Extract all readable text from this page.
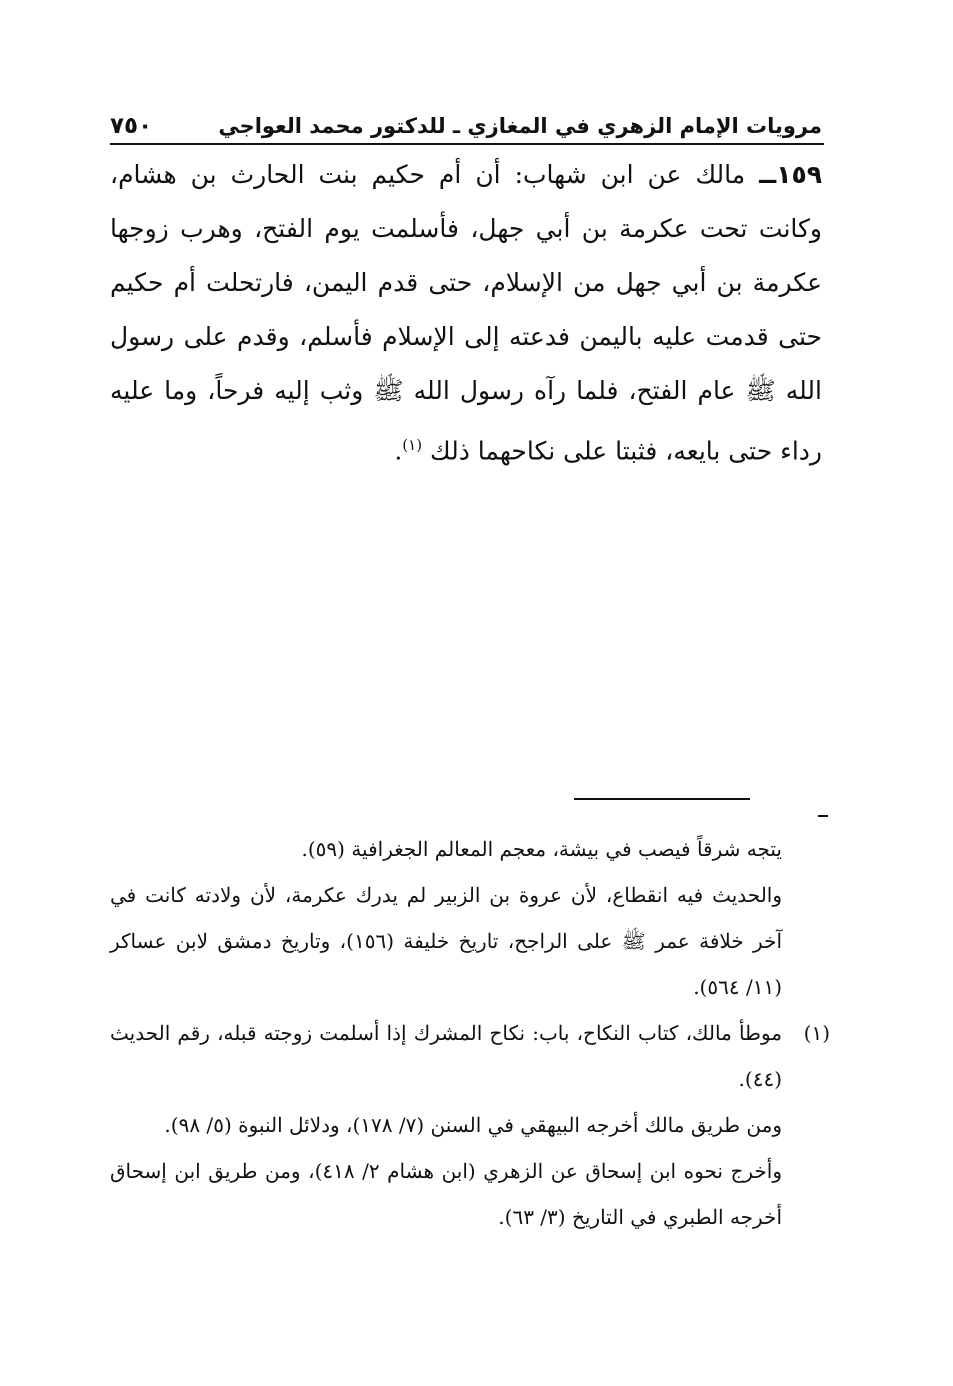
مرويات الإمام الزهري في المغازي ـ للدكتور محمد العواجي
٧٥٠
١٥٩ــ مالك عن ابن شهاب: أن أم حكيم بنت الحارث بن هشام، وكانت تحت عكرمة بن أبي جهل، فأسلمت يوم الفتح، وهرب زوجها عكرمة بن أبي جهل من الإسلام، حتى قدم اليمن، فارتحلت أم حكيم حتى قدمت عليه باليمن فدعته إلى الإسلام فأسلم، وقدم على رسول الله ﷺ عام الفتح، فلما رآه رسول الله ﷺ وثب إليه فرحاً، وما عليه رداء حتى بايعه، فثبتا على نكاحهما ذلك $^{(١)}$.

يتجه شرقاً فيصب في بيشة، معجم المعالم الجغرافية (٥٩).

والحديث فيه انقطاع، لأن عروة بن الزبير لم يدرك عكرمة، لأن ولادته كانت في آخر خلافة عمر ﷺ على الراجح، تاريخ خليفة (١٥٦)، وتاريخ دمشق لابن عساكر (١١/ ٥٦٤).

(١)

موطأ مالك، كتاب النكاح، باب: نكاح المشرك إذا أسلمت زوجته قبله، رقم الحديث (٤٤).

ومن طريق مالك أخرجه البيهقي في السنن (٧/ ١٧٨)، ودلائل النبوة (٥/ ٩٨).

وأخرج نحوه ابن إسحاق عن الزهري (ابن هشام ٢/ ٤١٨)، ومن طريق ابن إسحاق أخرجه الطبري في التاريخ (٣/ ٦٣).
